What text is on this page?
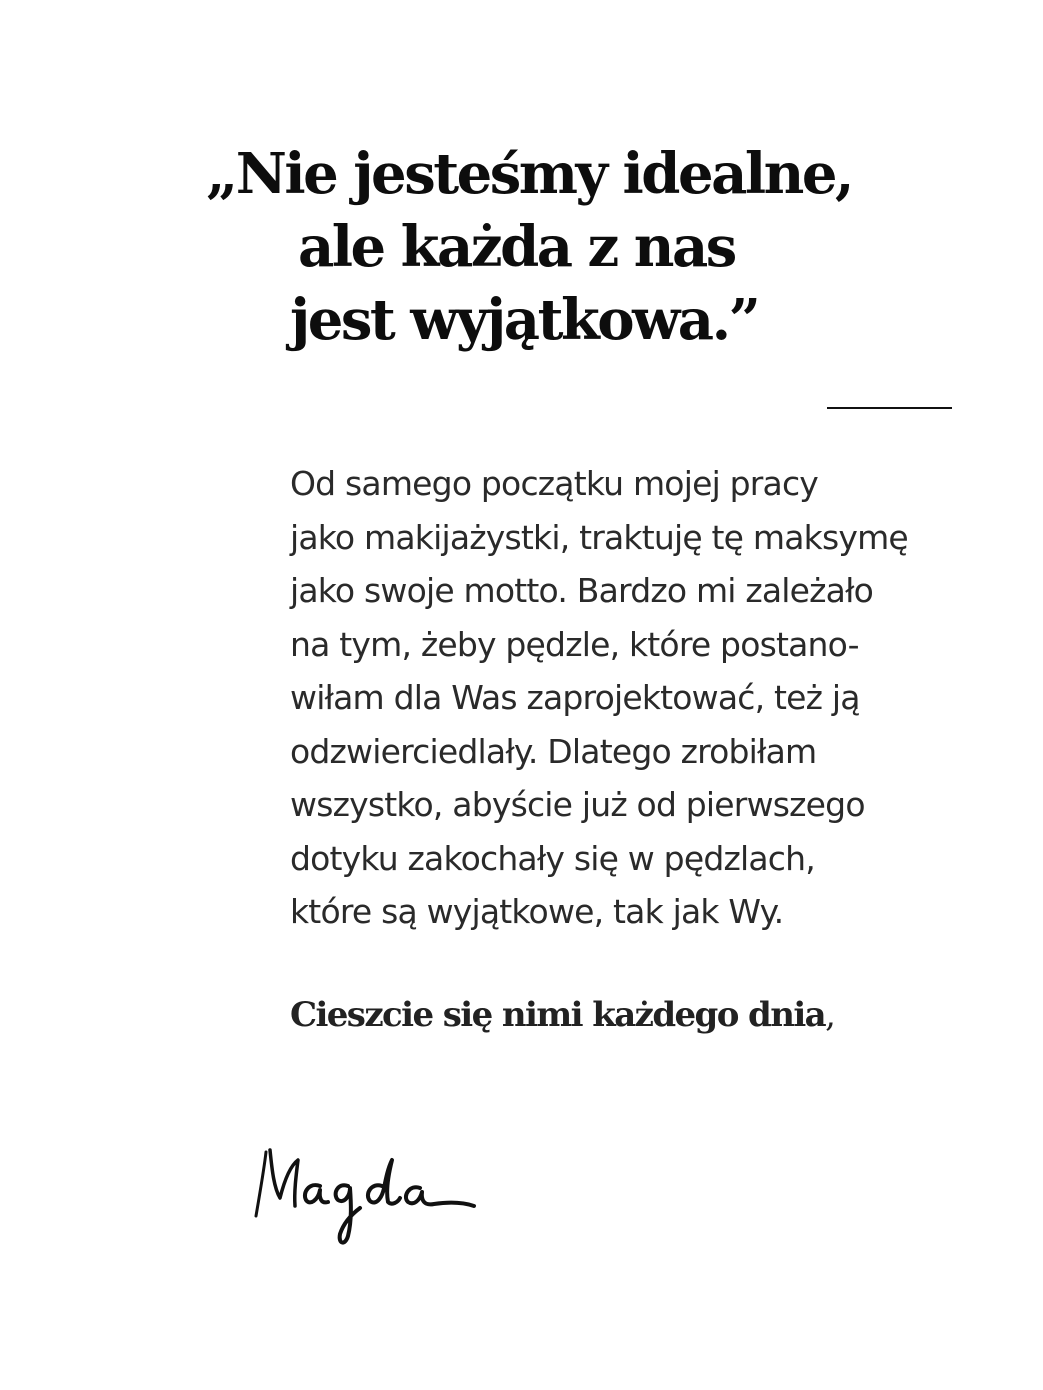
„Nie jesteśmy idealne,
ale każda z nas
jest wyjątkowa.”
Od samego początku mojej pracy
jako makijażystki, traktuję tę maksymę
jako swoje motto. Bardzo mi zależało
na tym, żeby pędzle, które postano-
wiłam dla Was zaprojektować, też ją
odzwierciedlały. Dlatego zrobiłam
wszystko, abyście już od pierwszego
dotyku zakochały się w pędzlach,
które są wyjątkowe, tak jak Wy.
Cieszcie się nimi każdego dnia,
